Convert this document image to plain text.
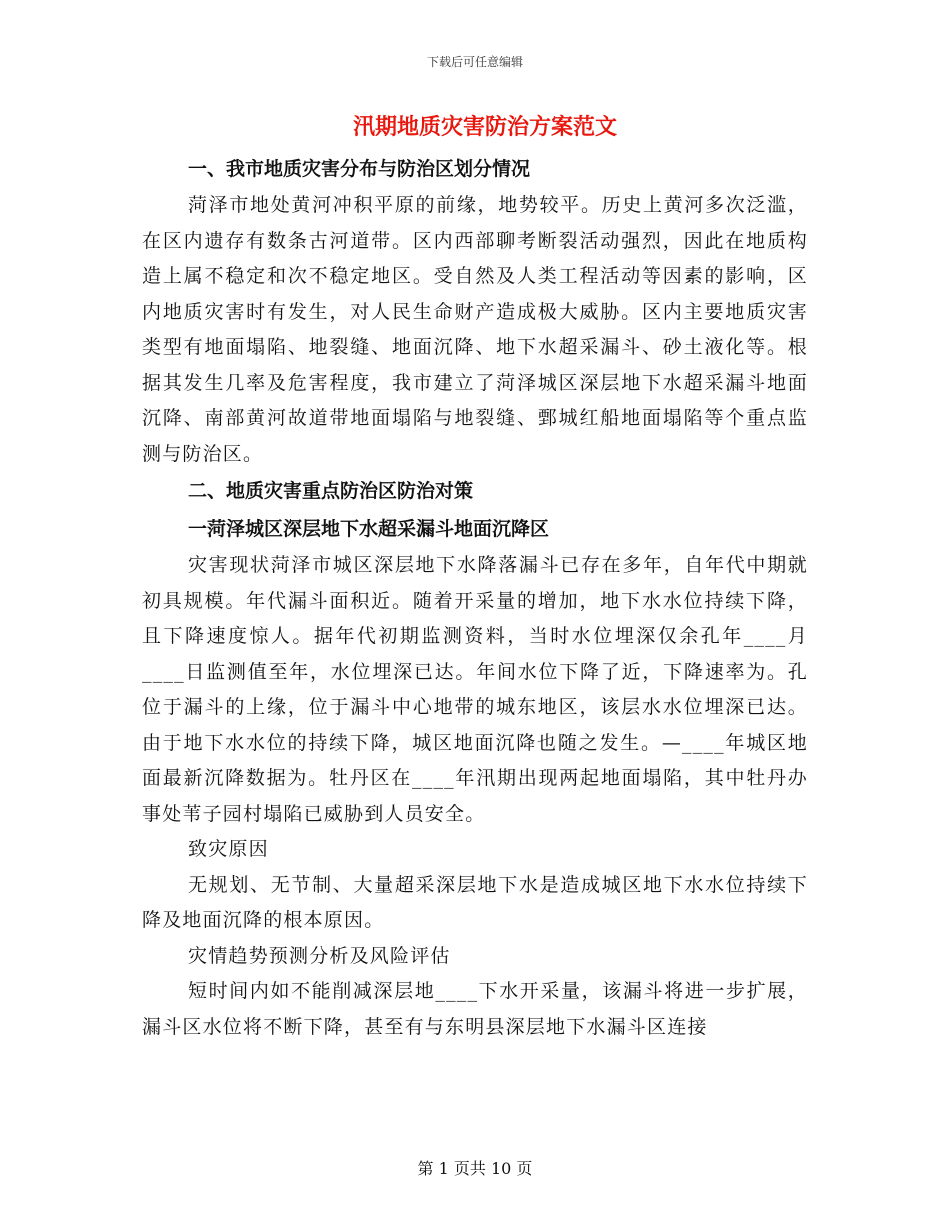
下载后可任意编辑
汛期地质灾害防治方案范文
一、我市地质灾害分布与防治区划分情况
菏泽市地处黄河冲积平原的前缘，地势较平。历史上黄河多次泛滥，在区内遗存有数条古河道带。区内西部聊考断裂活动强烈，因此在地质构造上属不稳定和次不稳定地区。受自然及人类工程活动等因素的影响，区内地质灾害时有发生，对人民生命财产造成极大威胁。区内主要地质灾害类型有地面塌陷、地裂缝、地面沉降、地下水超采漏斗、砂土液化等。根据其发生几率及危害程度，我市建立了菏泽城区深层地下水超采漏斗地面沉降、南部黄河故道带地面塌陷与地裂缝、鄄城红船地面塌陷等个重点监测与防治区。
二、地质灾害重点防治区防治对策
一菏泽城区深层地下水超采漏斗地面沉降区
灾害现状菏泽市城区深层地下水降落漏斗已存在多年，自年代中期就初具规模。年代漏斗面积近。随着开采量的增加，地下水水位持续下降，且下降速度惊人。据年代初期监测资料，当时水位埋深仅余孔年____月____日监测值至年，水位埋深已达。年间水位下降了近，下降速率为。孔位于漏斗的上缘，位于漏斗中心地带的城东地区，该层水水位埋深已达。由于地下水水位的持续下降，城区地面沉降也随之发生。—____年城区地面最新沉降数据为。牡丹区在____年汛期出现两起地面塌陷，其中牡丹办事处苇子园村塌陷已威胁到人员安全。
致灾原因
无规划、无节制、大量超采深层地下水是造成城区地下水水位持续下降及地面沉降的根本原因。
灾情趋势预测分析及风险评估
短时间内如不能削减深层地____下水开采量，该漏斗将进一步扩展，漏斗区水位将不断下降，甚至有与东明县深层地下水漏斗区连接
第 1 页共 10 页
